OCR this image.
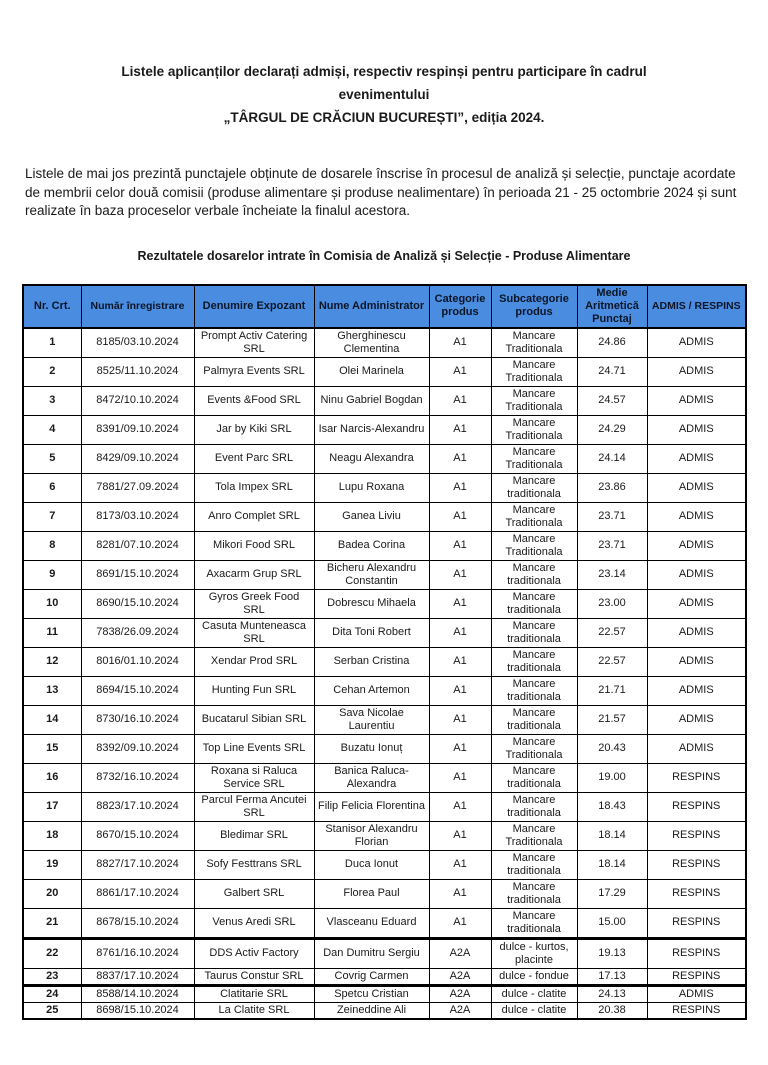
Listele aplicanților declarați admiși, respectiv respinși pentru participare în cadrul evenimentului
„TÂRGUL DE CRĂCIUN BUCUREȘTI”, ediția 2024.

Listele de mai jos prezintă punctajele obținute de dosarele înscrise în procesul de analiză și selecție, punctaje acordate de membrii celor două comisii (produse alimentare și produse nealimentare) în perioada 21 - 25 octombrie 2024 și sunt realizate în baza proceselor verbale încheiate la finalul acestora.

Rezultatele dosarelor intrate în Comisia de Analiză și Selecție - Produse Alimentare
Nr. Crt.	Număr înregistrare	Denumire Expozant	Nume Administrator	Categorie produs	Subcategorie produs	Medie Aritmetică Punctaj	ADMIS / RESPINS
1	8185/03.10.2024	Prompt Activ Catering SRL	Gherghinescu Clementina	A1	Mancare Traditionala	24.86	ADMIS
2	8525/11.10.2024	Palmyra Events SRL	Olei Marinela	A1	Mancare Traditionala	24.71	ADMIS
3	8472/10.10.2024	Events &Food SRL	Ninu Gabriel Bogdan	A1	Mancare Traditionala	24.57	ADMIS
4	8391/09.10.2024	Jar by Kiki SRL	Isar Narcis-Alexandru	A1	Mancare Traditionala	24.29	ADMIS
5	8429/09.10.2024	Event Parc SRL	Neagu Alexandra	A1	Mancare Traditionala	24.14	ADMIS
6	7881/27.09.2024	Tola Impex SRL	Lupu Roxana	A1	Mancare traditionala	23.86	ADMIS
7	8173/03.10.2024	Anro Complet SRL	Ganea Liviu	A1	Mancare Traditionala	23.71	ADMIS
8	8281/07.10.2024	Mikori Food SRL	Badea Corina	A1	Mancare Traditionala	23.71	ADMIS
9	8691/15.10.2024	Axacarm Grup SRL	Bicheru Alexandru Constantin	A1	Mancare traditionala	23.14	ADMIS
10	8690/15.10.2024	Gyros Greek Food SRL	Dobrescu Mihaela	A1	Mancare traditionala	23.00	ADMIS
11	7838/26.09.2024	Casuta Munteneasca SRL	Dita Toni Robert	A1	Mancare traditionala	22.57	ADMIS
12	8016/01.10.2024	Xendar Prod SRL	Serban Cristina	A1	Mancare traditionala	22.57	ADMIS
13	8694/15.10.2024	Hunting Fun SRL	Cehan Artemon	A1	Mancare traditionala	21.71	ADMIS
14	8730/16.10.2024	Bucatarul Sibian SRL	Sava Nicolae Laurentiu	A1	Mancare traditionala	21.57	ADMIS
15	8392/09.10.2024	Top Line Events SRL	Buzatu Ionuț	A1	Mancare Traditionala	20.43	ADMIS
16	8732/16.10.2024	Roxana si Raluca Service SRL	Banica Raluca-Alexandra	A1	Mancare traditionala	19.00	RESPINS
17	8823/17.10.2024	Parcul Ferma Ancutei SRL	Filip Felicia Florentina	A1	Mancare traditionala	18.43	RESPINS
18	8670/15.10.2024	Bledimar SRL	Stanisor Alexandru Florian	A1	Mancare Traditionala	18.14	RESPINS
19	8827/17.10.2024	Sofy Festtrans SRL	Duca Ionut	A1	Mancare traditionala	18.14	RESPINS
20	8861/17.10.2024	Galbert SRL	Florea Paul	A1	Mancare traditionala	17.29	RESPINS
21	8678/15.10.2024	Venus Aredi SRL	Vlasceanu Eduard	A1	Mancare traditionala	15.00	RESPINS
22	8761/16.10.2024	DDS Activ Factory	Dan Dumitru Sergiu	A2A	dulce - kurtos, placinte	19.13	RESPINS
23	8837/17.10.2024	Taurus Constur SRL	Covrig Carmen	A2A	dulce - fondue	17.13	RESPINS
24	8588/14.10.2024	Clatitarie SRL	Spetcu Cristian	A2A	dulce - clatite	24.13	ADMIS
25	8698/15.10.2024	La Clatite SRL	Zeineddine Ali	A2A	dulce - clatite	20.38	RESPINS
